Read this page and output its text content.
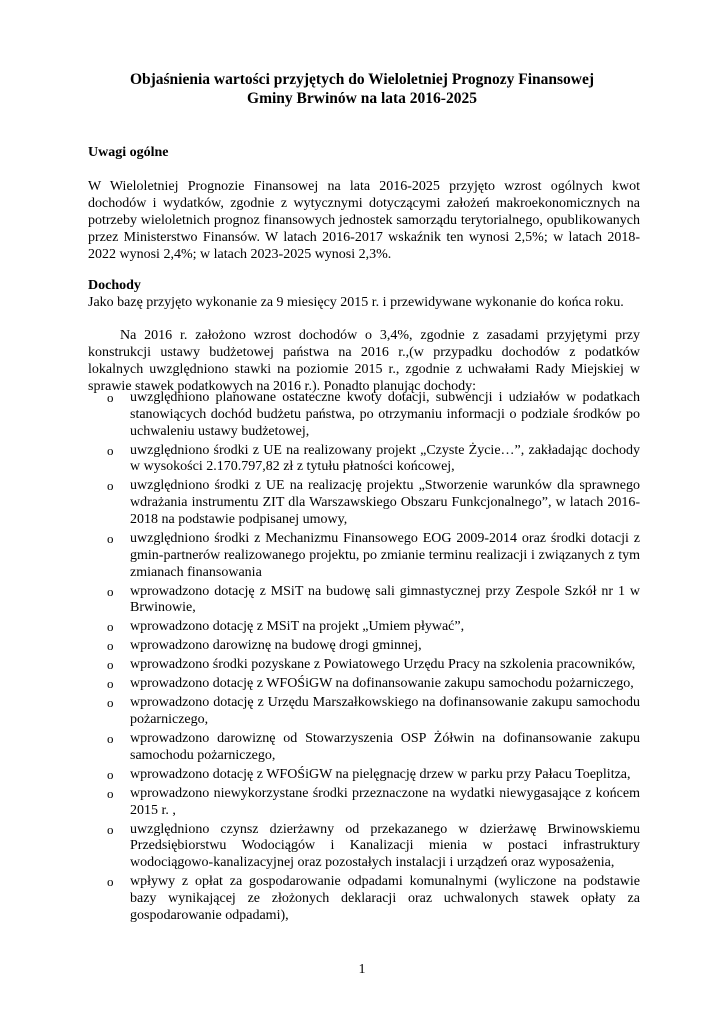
Objaśnienia wartości przyjętych do Wieloletniej Prognozy Finansowej
Gminy Brwinów na lata 2016-2025
Uwagi ogólne
W Wieloletniej Prognozie Finansowej na lata 2016-2025 przyjęto wzrost ogólnych kwot dochodów i wydatków, zgodnie z wytycznymi dotyczącymi założeń makroekonomicznych na potrzeby wieloletnich prognoz finansowych jednostek samorządu terytorialnego, opublikowanych przez Ministerstwo Finansów. W latach 2016-2017 wskaźnik ten wynosi 2,5%; w latach 2018-2022 wynosi 2,4%; w latach 2023-2025 wynosi 2,3%.
Dochody
Jako bazę przyjęto wykonanie za 9 miesięcy 2015 r. i przewidywane wykonanie do końca roku.
Na 2016 r. założono wzrost dochodów o 3,4%, zgodnie z zasadami przyjętymi przy konstrukcji ustawy budżetowej państwa na 2016 r.,(w przypadku dochodów z podatków lokalnych uwzględniono stawki na poziomie 2015 r., zgodnie z uchwałami Rady Miejskiej w sprawie stawek podatkowych na 2016 r.). Ponadto planując dochody:
o uwzględniono planowane ostateczne kwoty dotacji, subwencji i udziałów w podatkach stanowiących dochód budżetu państwa, po otrzymaniu informacji o podziale środków po uchwaleniu ustawy budżetowej,
o uwzględniono środki z UE na realizowany projekt „Czyste Życie…”, zakładając dochody w wysokości 2.170.797,82 zł z tytułu płatności końcowej,
o uwzględniono środki z UE na realizację projektu „Stworzenie warunków dla sprawnego wdrażania instrumentu ZIT dla Warszawskiego Obszaru Funkcjonalnego”, w latach 2016-2018 na podstawie podpisanej umowy,
o uwzględniono środki z Mechanizmu Finansowego EOG 2009-2014 oraz środki dotacji z gmin-partnerów realizowanego projektu, po zmianie terminu realizacji i związanych z tym zmianach finansowania
o wprowadzono dotację z MSiT na budowę sali gimnastycznej przy Zespole Szkół nr 1 w Brwinowie,
o wprowadzono dotację z MSiT na projekt „Umiem pływać”,
o wprowadzono darowiznę na budowę drogi gminnej,
o wprowadzono środki pozyskane z Powiatowego Urzędu Pracy na szkolenia pracowników,
o wprowadzono dotację z WFOŚiGW na dofinansowanie zakupu samochodu pożarniczego,
o wprowadzono dotację z Urzędu Marszałkowskiego na dofinansowanie zakupu samochodu pożarniczego,
o wprowadzono darowiznę od Stowarzyszenia OSP Żółwin na dofinansowanie zakupu samochodu pożarniczego,
o wprowadzono dotację z WFOŚiGW na pielęgnację drzew w parku przy Pałacu Toeplitza,
o wprowadzono niewykorzystane środki przeznaczone na wydatki niewygasające z końcem 2015 r. ,
o uwzględniono czynsz dzierżawny od przekazanego w dzierżawę Brwinowskiemu Przedsiębiorstwu Wodociągów i Kanalizacji mienia w postaci infrastruktury wodociągowo-kanalizacyjnej oraz pozostałych instalacji i urządzeń oraz wyposażenia,
o wpływy z opłat za gospodarowanie odpadami komunalnymi (wyliczone na podstawie bazy wynikającej ze złożonych deklaracji oraz uchwalonych stawek opłaty za gospodarowanie odpadami),
1
